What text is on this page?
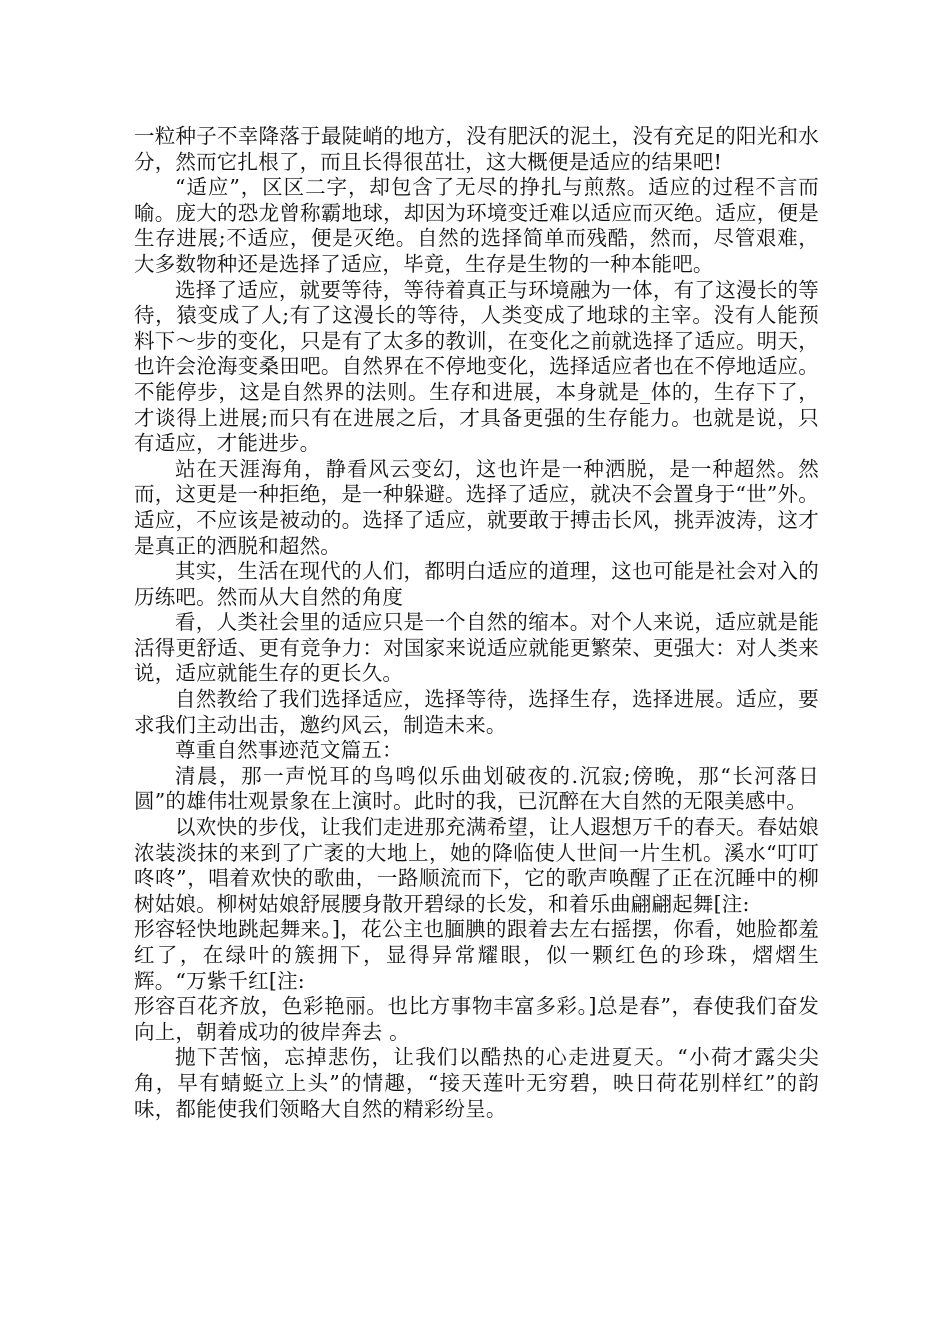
一粒种子不幸降落于最陡峭的地方，没有肥沃的泥土，没有充足的阳光和水分，然而它扎根了，而且长得很茁壮，这大概便是适应的结果吧!

“适应”，区区二字，却包含了无尽的挣扎与煎熬。适应的过程不言而喻。庞大的恐龙曾称霸地球，却因为环境变迁难以适应而灭绝。适应，便是生存进展;不适应，便是灭绝。自然的选择简单而残酷，然而，尽管艰难，大多数物种还是选择了适应，毕竟，生存是生物的一种本能吧。

选择了适应，就要等待，等待着真正与环境融为一体，有了这漫长的等待，猿变成了人;有了这漫长的等待，人类变成了地球的主宰。没有人能预料下～步的变化，只是有了太多的教训，在变化之前就选择了适应。明天，也许会沧海变桑田吧。自然界在不停地变化，选择适应者也在不停地适应。不能停步，这是自然界的法则。生存和进展，本身就是_体的，生存下了，才谈得上进展;而只有在进展之后，才具备更强的生存能力。也就是说，只有适应，才能进步。

站在天涯海角，静看风云变幻，这也许是一种洒脱，是一种超然。然而，这更是一种拒绝，是一种躲避。选择了适应，就决不会置身于“世”外。适应，不应该是被动的。选择了适应，就要敢于搏击长风，挑弄波涛，这才是真正的洒脱和超然。

其实，生活在现代的人们，都明白适应的道理，这也可能是社会对入的历练吧。然而从大自然的角度

看，人类社会里的适应只是一个自然的缩本。对个人来说，适应就是能活得更舒适、更有竞争力：对国家来说适应就能更繁荣、更强大：对人类来说，适应就能生存的更长久。

自然教给了我们选择适应，选择等待，选择生存，选择进展。适应，要求我们主动出击，邀约风云，制造未来。

尊重自然事迹范文篇五：

清晨，那一声悦耳的鸟鸣似乐曲划破夜的.沉寂;傍晚，那“长河落日圆”的雄伟壮观景象在上演时。此时的我，已沉醉在大自然的无限美感中。

以欢快的步伐，让我们走进那充满希望，让人遐想万千的春天。春姑娘浓装淡抹的来到了广袤的大地上，她的降临使人世间一片生机。溪水“叮叮咚咚”，唱着欢快的歌曲，一路顺流而下，它的歌声唤醒了正在沉睡中的柳树姑娘。柳树姑娘舒展腰身散开碧绿的长发，和着乐曲翩翩起舞[注:

形容轻快地跳起舞来。]，花公主也腼腆的跟着去左右摇摆，你看，她脸都羞红了，在绿叶的簇拥下，显得异常耀眼，似一颗红色的珍珠，熠熠生辉。“万紫千红[注:

形容百花齐放，色彩艳丽。也比方事物丰富多彩。]总是春”，春使我们奋发向上，朝着成功的彼岸奔去 。

抛下苦恼，忘掉悲伤，让我们以酷热的心走进夏天。“小荷才露尖尖角，早有蜻蜓立上头”的情趣，“接天莲叶无穷碧，映日荷花别样红”的韵味，都能使我们领略大自然的精彩纷呈。
